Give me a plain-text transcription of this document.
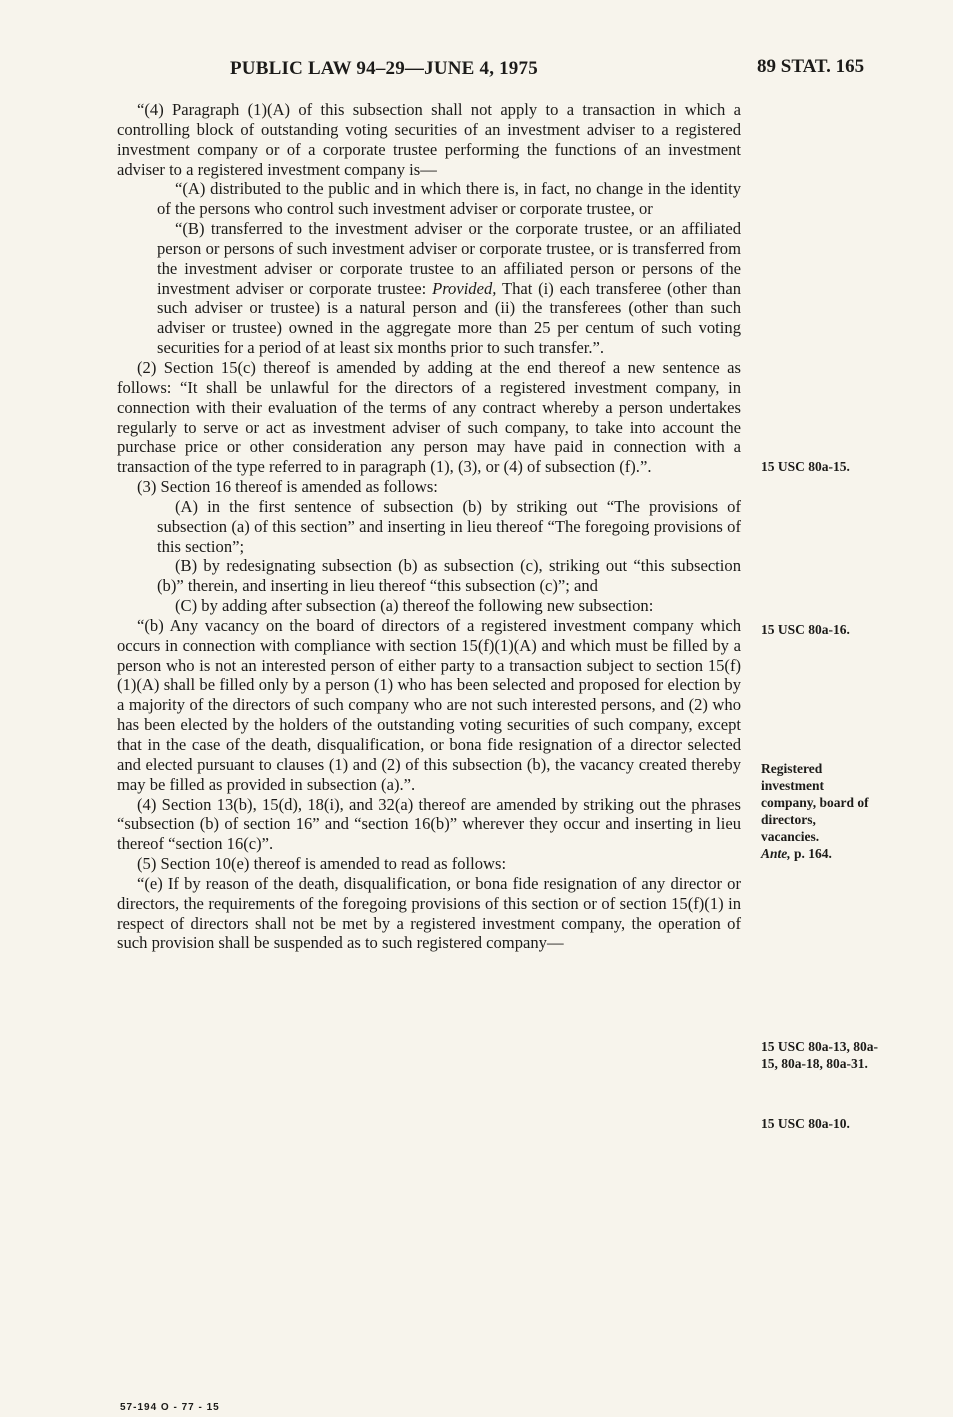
PUBLIC LAW 94–29—JUNE 4, 1975	89 STAT. 165

“(4) Paragraph (1)(A) of this subsection shall not apply to a transaction in which a controlling block of outstanding voting securities of an investment adviser to a registered investment company or of a corporate trustee performing the functions of an investment adviser to a registered investment company is—

“(A) distributed to the public and in which there is, in fact, no change in the identity of the persons who control such investment adviser or corporate trustee, or

“(B) transferred to the investment adviser or the corporate trustee, or an affiliated person or persons of such investment adviser or corporate trustee, or is transferred from the investment adviser or corporate trustee to an affiliated person or persons of the investment adviser or corporate trustee: Provided, That (i) each transferee (other than such adviser or trustee) is a natural person and (ii) the transferees (other than such adviser or trustee) owned in the aggregate more than 25 per centum of such voting securities for a period of at least six months prior to such transfer.”.

(2) Section 15(c) thereof is amended by adding at the end thereof a new sentence as follows: “It shall be unlawful for the directors of a registered investment company, in connection with their evaluation of the terms of any contract whereby a person undertakes regularly to serve or act as investment adviser of such company, to take into account the purchase price or other consideration any person may have paid in connection with a transaction of the type referred to in paragraph (1), (3), or (4) of subsection (f).”.

(3) Section 16 thereof is amended as follows:

(A) in the first sentence of subsection (b) by striking out “The provisions of subsection (a) of this section” and inserting in lieu thereof “The foregoing provisions of this section”;

(B) by redesignating subsection (b) as subsection (c), striking out “this subsection (b)” therein, and inserting in lieu thereof “this subsection (c)”; and

(C) by adding after subsection (a) thereof the following new subsection:

“(b) Any vacancy on the board of directors of a registered investment company which occurs in connection with compliance with section 15(f)(1)(A) and which must be filled by a person who is not an interested person of either party to a transaction subject to section 15(f)(1)(A) shall be filled only by a person (1) who has been selected and proposed for election by a majority of the directors of such company who are not such interested persons, and (2) who has been elected by the holders of the outstanding voting securities of such company, except that in the case of the death, disqualification, or bona fide resignation of a director selected and elected pursuant to clauses (1) and (2) of this subsection (b), the vacancy created thereby may be filled as provided in subsection (a).”.

(4) Section 13(b), 15(d), 18(i), and 32(a) thereof are amended by striking out the phrases “subsection (b) of section 16” and “section 16(b)” wherever they occur and inserting in lieu thereof “section 16(c)”.

(5) Section 10(e) thereof is amended to read as follows:

“(e) If by reason of the death, disqualification, or bona fide resignation of any director or directors, the requirements of the foregoing provisions of this section or of section 15(f)(1) in respect of directors shall not be met by a registered investment company, the operation of such provision shall be suspended as to such registered company—

15 USC 80a-15.
15 USC 80a-16.
Registered investment company, board of directors, vacancies.
Ante, p. 164.
15 USC 80a-13, 80a-15, 80a-18, 80a-31.
15 USC 80a-10.
57-194 O - 77 - 15
